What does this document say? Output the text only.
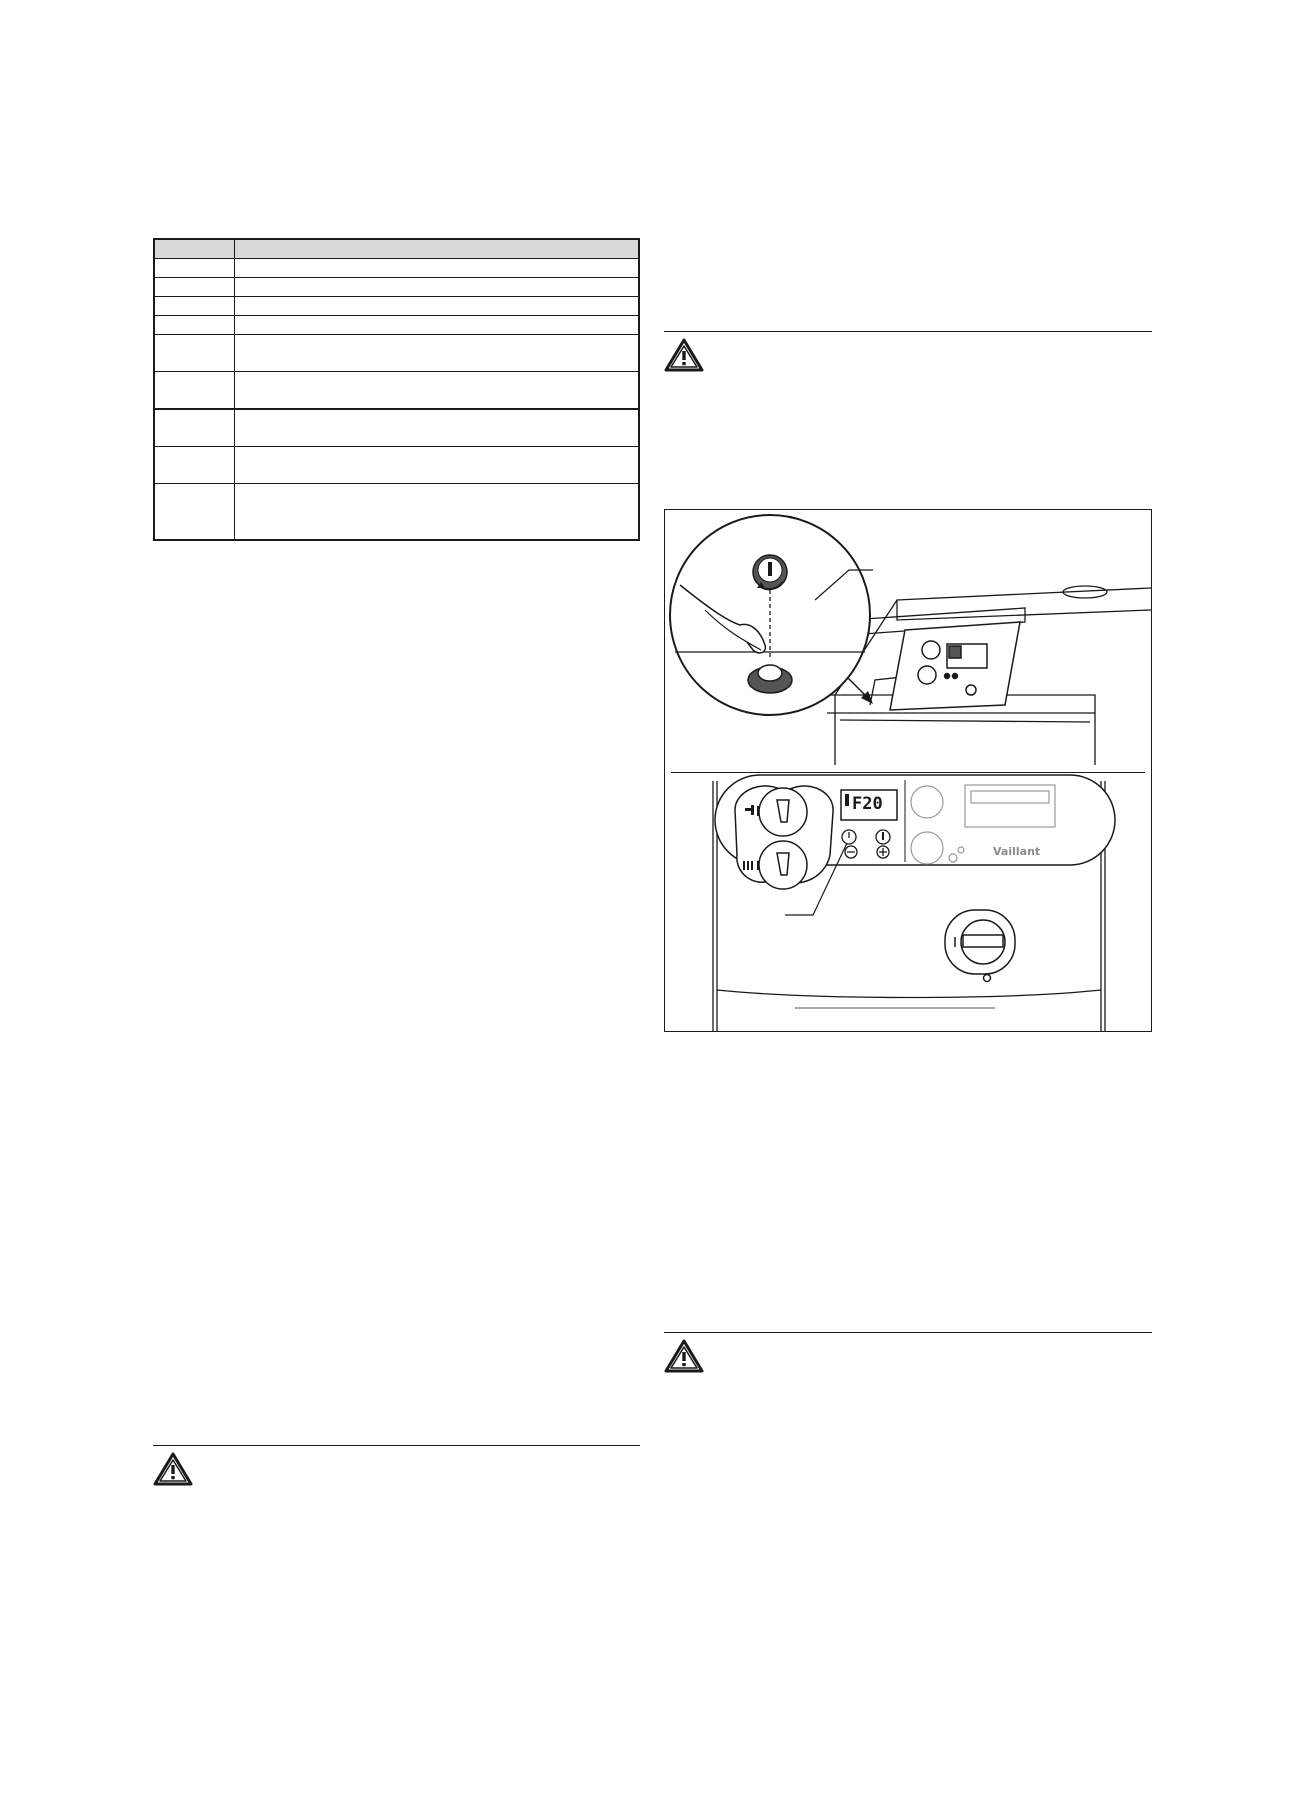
F20
Vaillant
